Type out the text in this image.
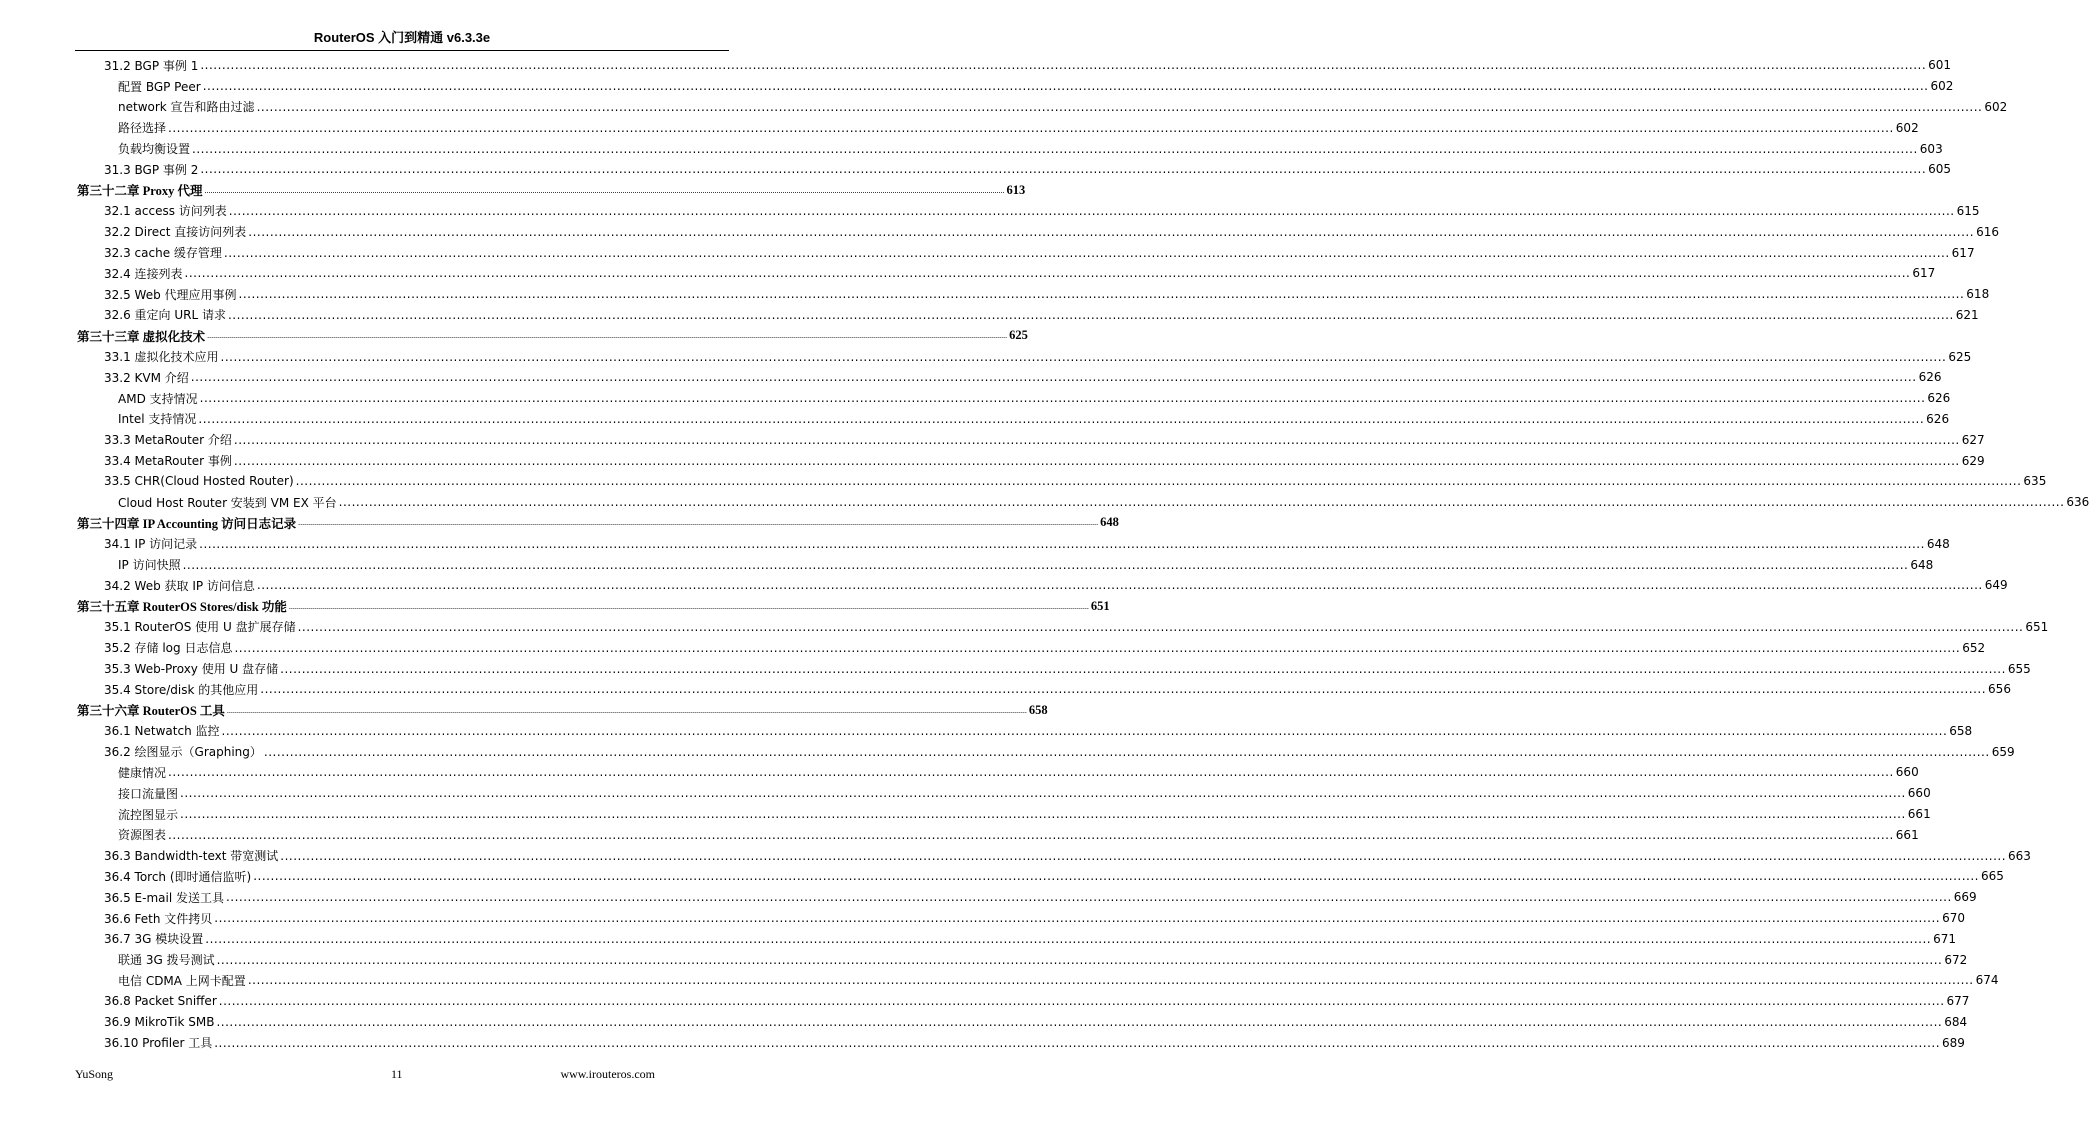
RouterOS 入门到精通 v6.3.3e
31.2 BGP 事例 1 ................................................................................................................................................................................................................................................................................................................................................................................................................ 601
配置 BGP Peer ................................................................................................................................................................................................................................................................................................................................................................................................................ 602
network 宣告和路由过滤 ................................................................................................................................................................................................................................................................................................................................................................................................................ 602
路径选择 ................................................................................................................................................................................................................................................................................................................................................................................................................ 602
负载均衡设置 ................................................................................................................................................................................................................................................................................................................................................................................................................ 603
31.3 BGP 事例 2 ................................................................................................................................................................................................................................................................................................................................................................................................................ 605
第三十二章 Proxy 代理 ................................................................................................................................................................................................................................................................................................................................................................................................................ 613
32.1 access 访问列表 ................................................................................................................................................................................................................................................................................................................................................................................................................ 615
32.2 Direct 直接访问列表 ................................................................................................................................................................................................................................................................................................................................................................................................................ 616
32.3 cache 缓存管理 ................................................................................................................................................................................................................................................................................................................................................................................................................ 617
32.4 连接列表 ................................................................................................................................................................................................................................................................................................................................................................................................................ 617
32.5 Web 代理应用事例 ................................................................................................................................................................................................................................................................................................................................................................................................................ 618
32.6 重定向 URL 请求 ................................................................................................................................................................................................................................................................................................................................................................................................................ 621
第三十三章 虚拟化技术 ................................................................................................................................................................................................................................................................................................................................................................................................................ 625
33.1 虚拟化技术应用 ................................................................................................................................................................................................................................................................................................................................................................................................................ 625
33.2 KVM 介绍 ................................................................................................................................................................................................................................................................................................................................................................................................................ 626
AMD 支持情况 ................................................................................................................................................................................................................................................................................................................................................................................................................ 626
Intel 支持情况 ................................................................................................................................................................................................................................................................................................................................................................................................................ 626
33.3 MetaRouter 介绍 ................................................................................................................................................................................................................................................................................................................................................................................................................ 627
33.4 MetaRouter 事例 ................................................................................................................................................................................................................................................................................................................................................................................................................ 629
33.5 CHR(Cloud Hosted Router) ................................................................................................................................................................................................................................................................................................................................................................................................................ 635
Cloud Host Router 安装到 VM EX 平台 ................................................................................................................................................................................................................................................................................................................................................................................................................ 636
第三十四章 IP Accounting 访问日志记录 ................................................................................................................................................................................................................................................................................................................................................................................................................ 648
34.1 IP 访问记录 ................................................................................................................................................................................................................................................................................................................................................................................................................ 648
IP 访问快照 ................................................................................................................................................................................................................................................................................................................................................................................................................ 648
34.2 Web 获取 IP 访问信息 ................................................................................................................................................................................................................................................................................................................................................................................................................ 649
第三十五章 RouterOS Stores/disk 功能 ................................................................................................................................................................................................................................................................................................................................................................................................................ 651
35.1 RouterOS 使用 U 盘扩展存储 ................................................................................................................................................................................................................................................................................................................................................................................................................ 651
35.2 存储 log 日志信息 ................................................................................................................................................................................................................................................................................................................................................................................................................ 652
35.3 Web-Proxy 使用 U 盘存储 ................................................................................................................................................................................................................................................................................................................................................................................................................ 655
35.4 Store/disk 的其他应用 ................................................................................................................................................................................................................................................................................................................................................................................................................ 656
第三十六章 RouterOS 工具 ................................................................................................................................................................................................................................................................................................................................................................................................................ 658
36.1 Netwatch 监控 ................................................................................................................................................................................................................................................................................................................................................................................................................ 658
36.2 绘图显示（Graphing） ................................................................................................................................................................................................................................................................................................................................................................................................................ 659
健康情况 ................................................................................................................................................................................................................................................................................................................................................................................................................ 660
接口流量图 ................................................................................................................................................................................................................................................................................................................................................................................................................ 660
流控图显示 ................................................................................................................................................................................................................................................................................................................................................................................................................ 661
资源图表 ................................................................................................................................................................................................................................................................................................................................................................................................................ 661
36.3 Bandwidth-text 带宽测试 ................................................................................................................................................................................................................................................................................................................................................................................................................ 663
36.4 Torch (即时通信监听) ................................................................................................................................................................................................................................................................................................................................................................................................................ 665
36.5 E-mail 发送工具 ................................................................................................................................................................................................................................................................................................................................................................................................................ 669
36.6 Feth 文件拷贝 ................................................................................................................................................................................................................................................................................................................................................................................................................ 670
36.7 3G 模块设置 ................................................................................................................................................................................................................................................................................................................................................................................................................ 671
联通 3G 拨号测试 ................................................................................................................................................................................................................................................................................................................................................................................................................ 672
电信 CDMA 上网卡配置 ................................................................................................................................................................................................................................................................................................................................................................................................................ 674
36.8 Packet Sniffer ................................................................................................................................................................................................................................................................................................................................................................................................................ 677
36.9 MikroTik SMB ................................................................................................................................................................................................................................................................................................................................................................................................................ 684
36.10 Profiler 工具 ................................................................................................................................................................................................................................................................................................................................................................................................................ 689
YuSong	11	www.irouteros.com
